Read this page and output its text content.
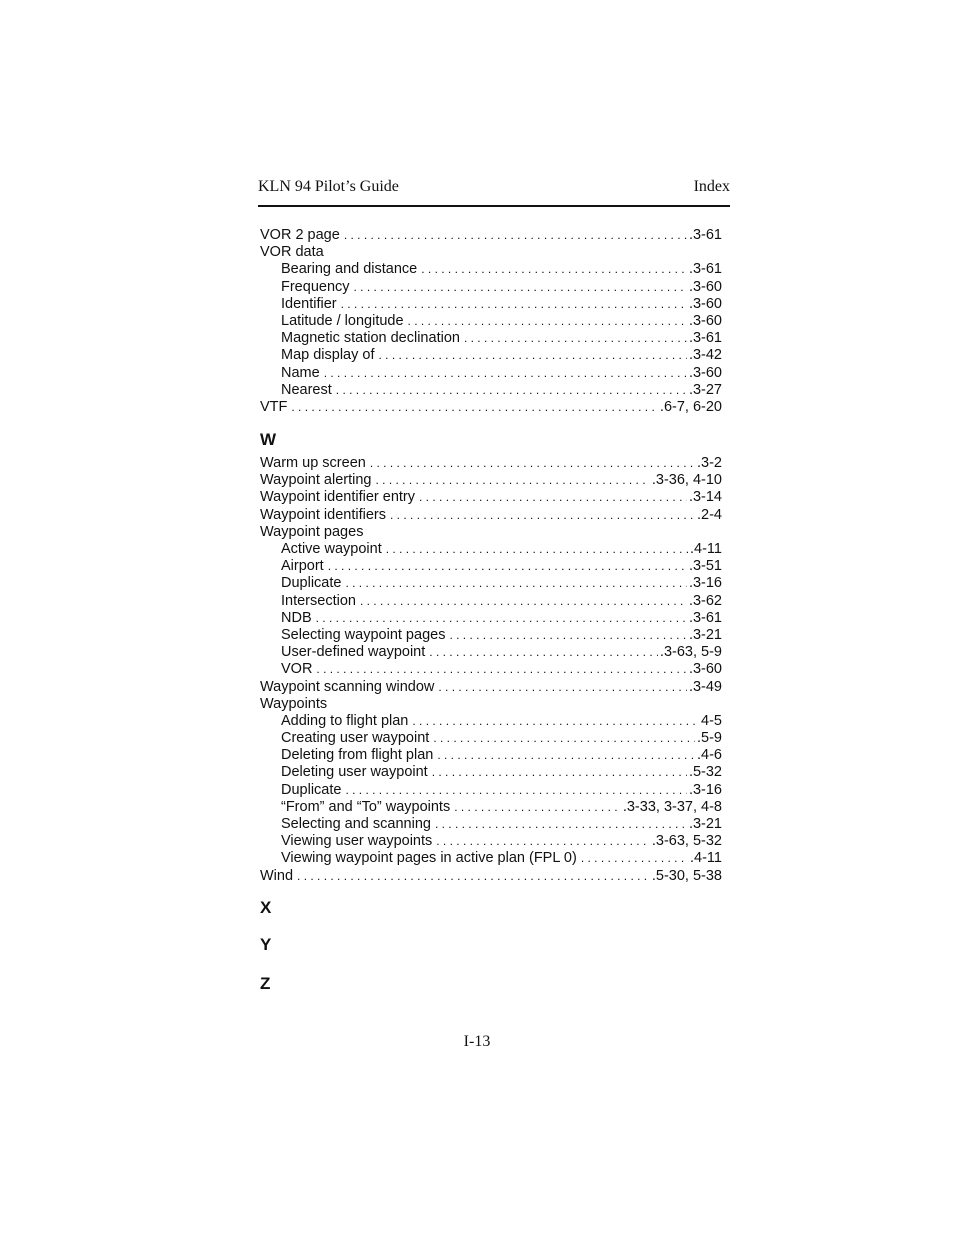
KLN 94 Pilot’s Guide	Index
VOR 2 page . . .	.3-61
VOR data
Bearing and distance . . .	.3-61
Frequency . . .	.3-60
Identifier . . .	.3-60
Latitude / longitude . . .	.3-60
Magnetic station declination . . .	.3-61
Map display of . . .	.3-42
Name . . .	.3-60
Nearest . . .	.3-27
VTF . . .	.6-7, 6-20
W
Warm up screen . . .	.3-2
Waypoint alerting . . .	.3-36, 4-10
Waypoint identifier entry . . .	.3-14
Waypoint identifiers . . .	.2-4
Waypoint pages
Active waypoint . . .	.4-11
Airport . . .	.3-51
Duplicate . . .	.3-16
Intersection . . .	.3-62
NDB . . .	.3-61
Selecting waypoint pages . . .	.3-21
User-defined waypoint . . .	.3-63, 5-9
VOR . . .	.3-60
Waypoint scanning window . . .	.3-49
Waypoints
Adding to flight plan . . .	4-5
Creating user waypoint . . .	.5-9
Deleting from flight plan . . .	.4-6
Deleting user waypoint . . .	.5-32
Duplicate . . .	.3-16
“From” and “To” waypoints . . .	.3-33, 3-37, 4-8
Selecting and scanning . . .	.3-21
Viewing user waypoints . . .	.3-63, 5-32
Viewing waypoint pages in active plan (FPL 0) . . .	.4-11
Wind . . .	.5-30, 5-38
X
Y
Z
I-13
